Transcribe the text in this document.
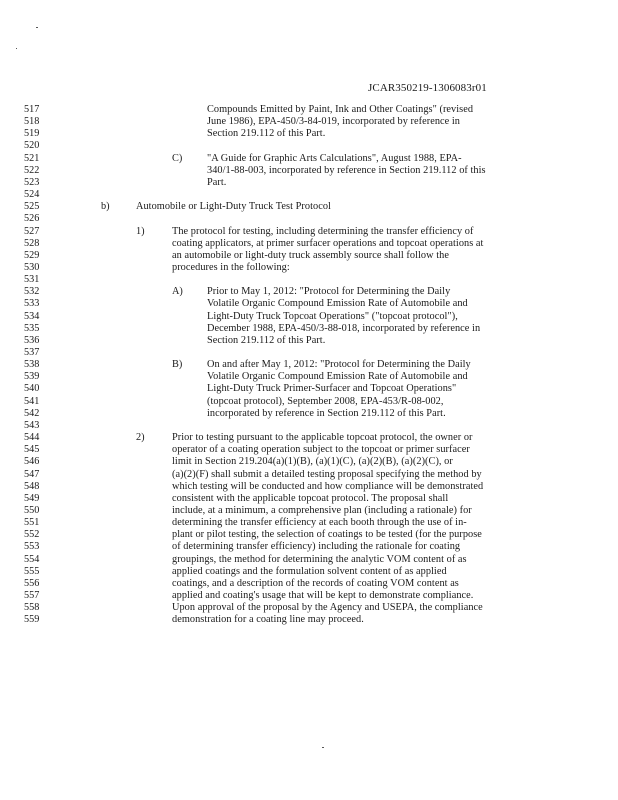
JCAR350219-1306083r01
517	Compounds Emitted by Paint, Ink and Other Coatings" (revised
518	June 1986), EPA-450/3-84-019, incorporated by reference in
519	Section 219.112 of this Part.
520
521	C) "A Guide for Graphic Arts Calculations", August 1988, EPA-
522	340/1-88-003, incorporated by reference in Section 219.112 of this
523	Part.
524
525	b)	Automobile or Light-Duty Truck Test Protocol
526
527	1)	The protocol for testing, including determining the transfer efficiency of
528	coating applicators, at primer surfacer operations and topcoat operations at
529	an automobile or light-duty truck assembly source shall follow the
530	procedures in the following:
531
532	A) Prior to May 1, 2012: "Protocol for Determining the Daily
533	Volatile Organic Compound Emission Rate of Automobile and
534	Light-Duty Truck Topcoat Operations" ("topcoat protocol"),
535	December 1988, EPA-450/3-88-018, incorporated by reference in
536	Section 219.112 of this Part.
537
538	B) On and after May 1, 2012: "Protocol for Determining the Daily
539	Volatile Organic Compound Emission Rate of Automobile and
540	Light-Duty Truck Primer-Surfacer and Topcoat Operations"
541	(topcoat protocol), September 2008, EPA-453/R-08-002,
542	incorporated by reference in Section 219.112 of this Part.
543
544	2)	Prior to testing pursuant to the applicable topcoat protocol, the owner or
545	operator of a coating operation subject to the topcoat or primer surfacer
546	limit in Section 219.204(a)(1)(B), (a)(1)(C), (a)(2)(B), (a)(2)(C), or
547	(a)(2)(F) shall submit a detailed testing proposal specifying the method by
548	which testing will be conducted and how compliance will be demonstrated
549	consistent with the applicable topcoat protocol. The proposal shall
550	include, at a minimum, a comprehensive plan (including a rationale) for
551	determining the transfer efficiency at each booth through the use of in-
552	plant or pilot testing, the selection of coatings to be tested (for the purpose
553	of determining transfer efficiency) including the rationale for coating
554	groupings, the method for determining the analytic VOM content of as
555	applied coatings and the formulation solvent content of as applied
556	coatings, and a description of the records of coating VOM content as
557	applied and coating's usage that will be kept to demonstrate compliance.
558	Upon approval of the proposal by the Agency and USEPA, the compliance
559	demonstration for a coating line may proceed.
